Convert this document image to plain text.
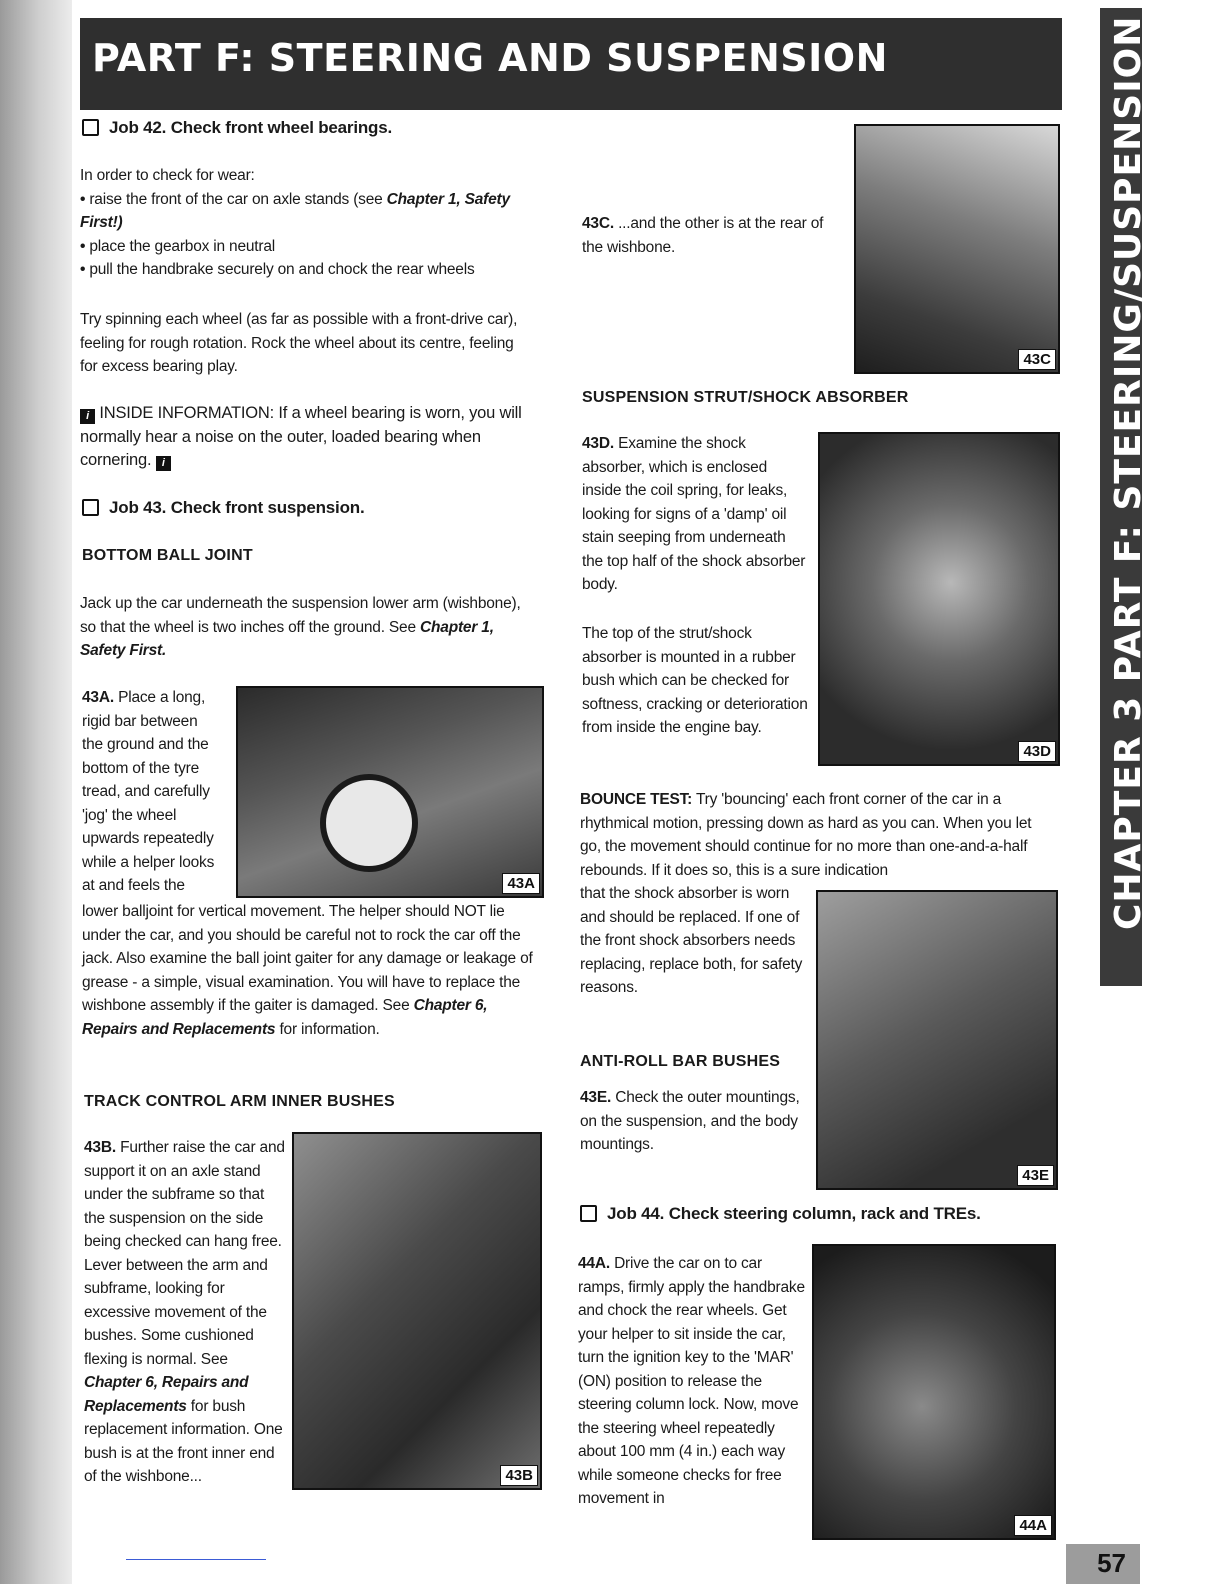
PART F: STEERING AND SUSPENSION	CHAPTER 3 PART F: STEERING/SUSPENSION
Job 42. Check front wheel bearings.
In order to check for wear:
• raise the front of the car on axle stands (see Chapter 1, Safety First!)
• place the gearbox in neutral
• pull the handbrake securely on and chock the rear wheels
Try spinning each wheel (as far as possible with a front-drive car), feeling for rough rotation. Rock the wheel about its centre, feeling for excess bearing play.
i INSIDE INFORMATION: If a wheel bearing is worn, you will normally hear a noise on the outer, loaded bearing when cornering. i
Job 43. Check front suspension.
BOTTOM BALL JOINT
Jack up the car underneath the suspension lower arm (wishbone), so that the wheel is two inches off the ground. See Chapter 1, Safety First.
43A. Place a long, rigid bar between the ground and the bottom of the tyre tread, and carefully 'jog' the wheel upwards repeatedly while a helper looks at and feels the	43A
lower balljoint for vertical movement. The helper should NOT lie under the car, and you should be careful not to rock the car off the jack. Also examine the ball joint gaiter for any damage or leakage of grease - a simple, visual examination. You will have to replace the wishbone assembly if the gaiter is damaged. See Chapter 6, Repairs and Replacements for information.
TRACK CONTROL ARM INNER BUSHES
43B. Further raise the car and support it on an axle stand under the subframe so that the suspension on the side being checked can hang free. Lever between the arm and subframe, looking for excessive movement of the bushes. Some cushioned flexing is normal. See Chapter 6, Repairs and Replacements for bush replacement information. One bush is at the front inner end of the wishbone...	43B
43C. ...and the other is at the rear of the wishbone.
43C
SUSPENSION STRUT/SHOCK ABSORBER
43D. Examine the shock absorber, which is enclosed inside the coil spring, for leaks, looking for signs of a 'damp' oil stain seeping from underneath the top half of the shock absorber body.
The top of the strut/shock absorber is mounted in a rubber bush which can be checked for softness, cracking or deterioration from inside the engine bay.
43D
BOUNCE TEST: Try 'bouncing' each front corner of the car in a rhythmical motion, pressing down as hard as you can. When you let go, the movement should continue for no more than one-and-a-half rebounds. If it does so, this is a sure indication
that the shock absorber is worn and should be replaced. If one of the front shock absorbers needs replacing, replace both, for safety reasons.
43E
ANTI-ROLL BAR BUSHES
43E. Check the outer mountings, on the suspension, and the body mountings.
Job 44. Check steering column, rack and TREs.
44A. Drive the car on to car ramps, firmly apply the handbrake and chock the rear wheels. Get your helper to sit inside the car, turn the ignition key to the 'MAR' (ON) position to release the steering column lock. Now, move the steering wheel repeatedly about 100 mm (4 in.) each way while someone checks for free movement in
44A
57
